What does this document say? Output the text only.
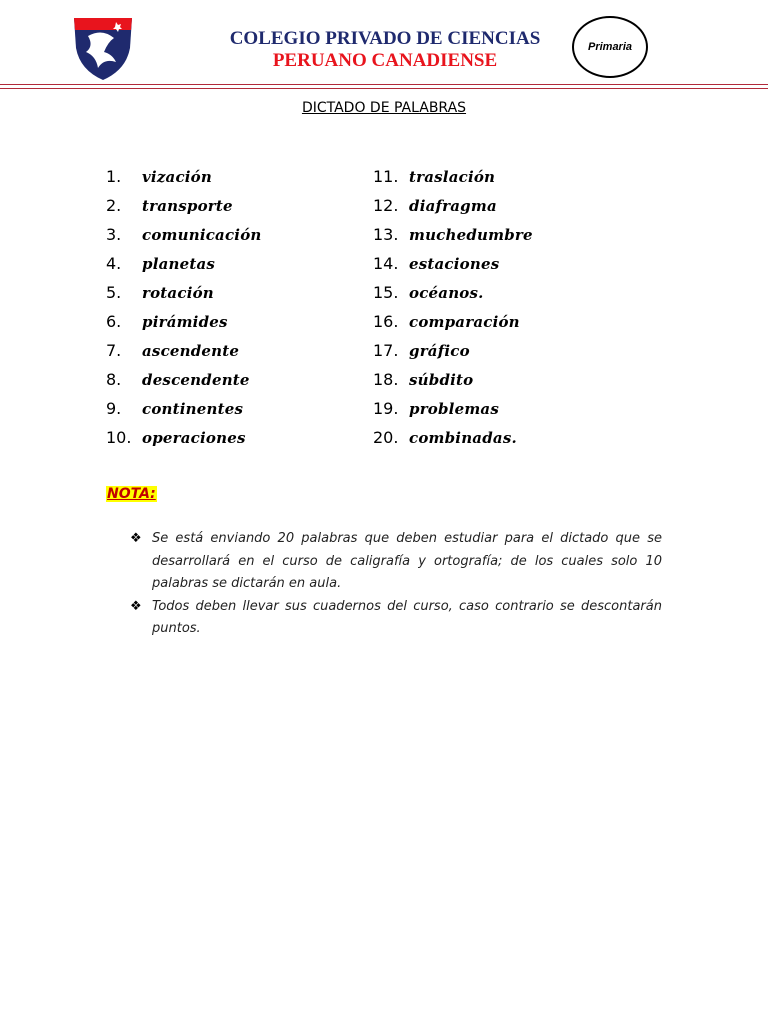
COLEGIO PRIVADO DE CIENCIAS
PERUANO CANADIENSE
Primaria
DICTADO DE PALABRAS
1.	vización
2.	transporte
3.	comunicación
4.	planetas
5.	rotación
6.	pirámides
7.	ascendente
8.	descendente
9.	continentes
10. operaciones
11. traslación
12. diafragma
13. muchedumbre
14. estaciones
15. océanos.
16. comparación
17. gráfico
18. súbdito
19. problemas
20. combinadas.
NOTA:
❖ Se está enviando 20 palabras que deben estudiar para el dictado que se desarrollará en el curso de caligrafía y ortografía; de los cuales solo 10 palabras se dictarán en aula.
❖ Todos deben llevar sus cuadernos del curso, caso contrario se descontarán puntos.
